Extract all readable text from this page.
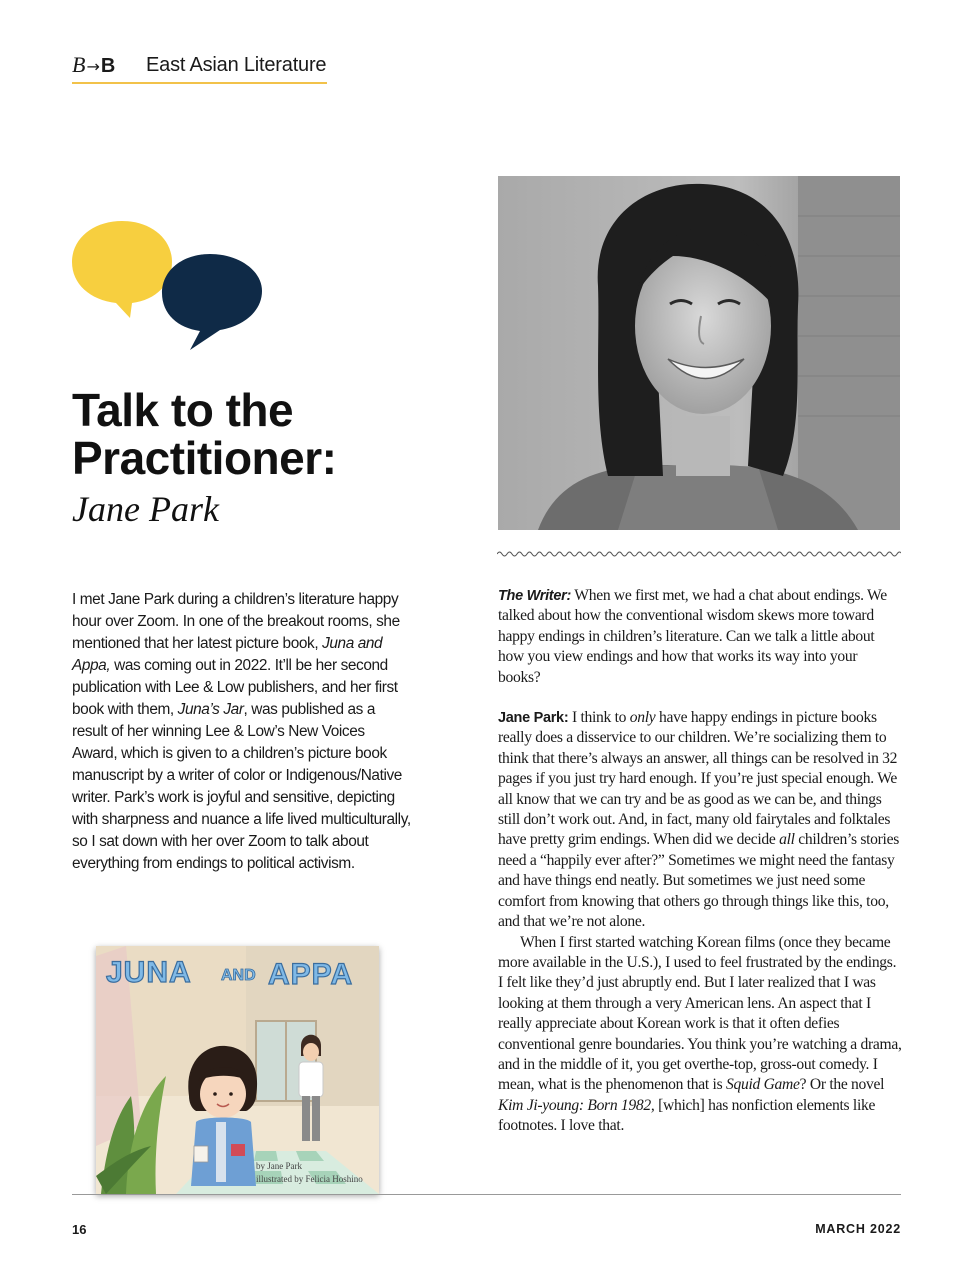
B→B East Asian Literature
Talk to the
Practitioner:
Jane Park

I met Jane Park during a children’s literature happy hour over Zoom. In one of the breakout rooms, she mentioned that her latest picture book, Juna and Appa, was coming out in 2022. It’ll be her second publication with Lee & Low publishers, and her first book with them, Juna’s Jar, was published as a result of her winning Lee & Low’s New Voices Award, which is given to a children’s picture book manuscript by a writer of color or Indigenous/Native writer. Park’s work is joyful and sensitive, depicting with sharpness and nuance a life lived multiculturally, so I sat down with her over Zoom to talk about everything from endings to political activism.

JUNA AND APPA
by Jane Park
illustrated by Felicia Hoshino

The Writer: When we first met, we had a chat about endings. We talked about how the conventional wisdom skews more toward happy endings in children’s literature. Can we talk a little about how you view endings and how that works its way into your books?

Jane Park: I think to only have happy endings in picture books really does a disservice to our children. We’re socializing them to think that there’s always an answer, all things can be resolved in 32 pages if you just try hard enough. If you’re just special enough. We all know that we can try and be as good as we can be, and things still don’t work out. And, in fact, many old fairytales and folktales have pretty grim endings. When did we decide all children’s stories need a “happily ever after?” Sometimes we might need the fantasy and have things end neatly. But sometimes we just need some comfort from knowing that others go through things like this, too, and that we’re not alone.

When I first started watching Korean films (once they became more available in the U.S.), I used to feel frustrated by the endings. I felt like they’d just abruptly end. But I later realized that I was looking at them through a very American lens. An aspect that I really appreciate about Korean work is that it often defies conventional genre boundaries. You think you’re watching a drama, and in the middle of it, you get overthe-top, gross-out comedy. I mean, what is the phenomenon that is Squid Game? Or the novel Kim Ji-young: Born 1982, [which] has nonfiction elements like footnotes. I love that.

16	MARCH 2022
